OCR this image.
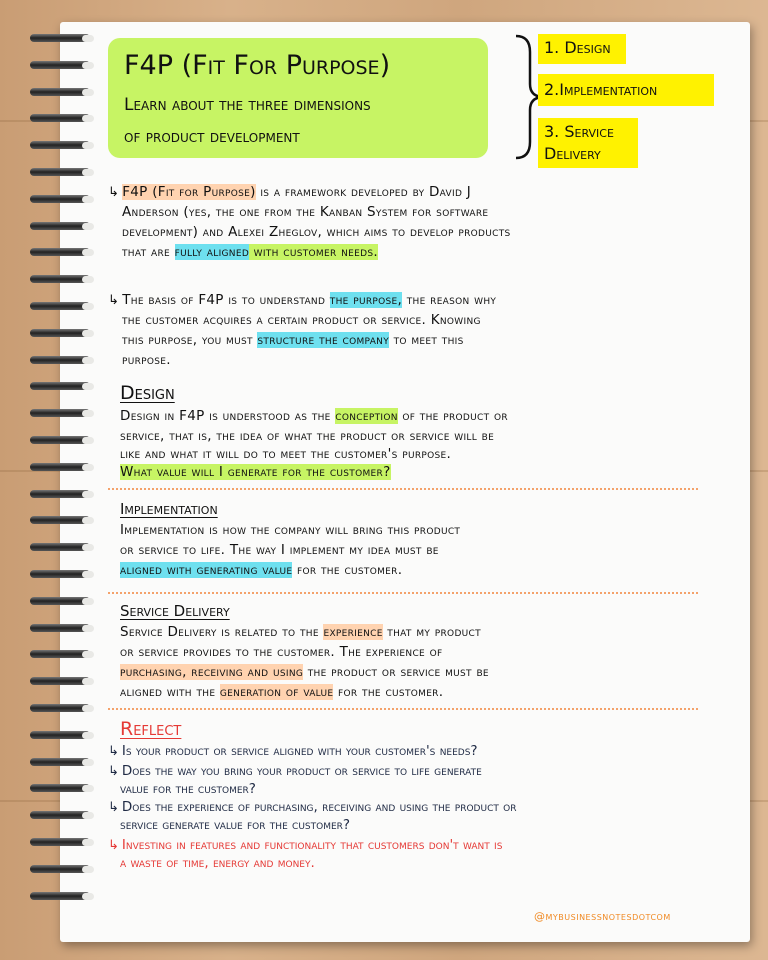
F4P (Fit For Purpose)
Learn about the three dimensions
of product development
1. Design
2.Implementation
3. Service
Delivery
↳ F4P (Fit for Purpose) is a framework developed by David J
Anderson (yes, the one from the Kanban System for software
development) and Alexei Zheglov, which aims to develop products
that are fully aligned with customer needs.
↳ The basis of F4P is to understand the purpose, the reason why
the customer acquires a certain product or service. Knowing
this purpose, you must structure the company to meet this
purpose.
Design
Design in F4P is understood as the conception of the product or
service, that is, the idea of what the product or service will be
like and what it will do to meet the customer's purpose.
What value will I generate for the customer?
Implementation
Implementation is how the company will bring this product
or service to life. The way I implement my idea must be
aligned with generating value for the customer.
Service Delivery
Service Delivery is related to the experience that my product
or service provides to the customer. The experience of
purchasing, receiving and using the product or service must be
aligned with the generation of value for the customer.
Reflect
↳ Is your product or service aligned with your customer's needs?
↳ Does the way you bring your product or service to life generate
value for the customer?
↳ Does the experience of purchasing, receiving and using the product or
service generate value for the customer?
↳ Investing in features and functionality that customers don't want is
a waste of time, energy and money.
@mybusinessnotesdotcom
